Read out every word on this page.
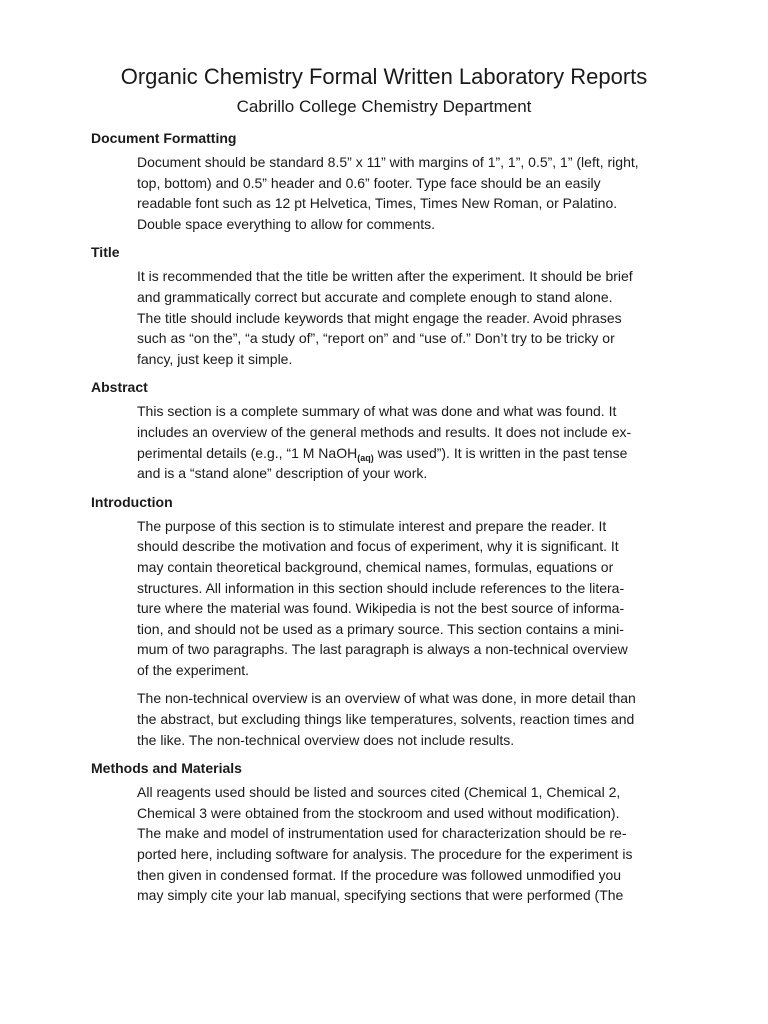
Organic Chemistry Formal Written Laboratory Reports
Cabrillo College Chemistry Department
Document Formatting
Document should be standard 8.5” x 11” with margins of 1”, 1”, 0.5”, 1” (left, right,
top, bottom) and 0.5” header and 0.6” footer. Type face should be an easily
readable font such as 12 pt Helvetica, Times, Times New Roman, or Palatino.
Double space everything to allow for comments.
Title
It is recommended that the title be written after the experiment. It should be brief
and grammatically correct but accurate and complete enough to stand alone.
The title should include keywords that might engage the reader. Avoid phrases
such as “on the”, “a study of”, “report on” and “use of.” Don’t try to be tricky or
fancy, just keep it simple.
Abstract
This section is a complete summary of what was done and what was found. It
includes an overview of the general methods and results. It does not include ex-
perimental details (e.g., “1 M NaOH$_{(aq)}$ was used”). It is written in the past tense
and is a “stand alone” description of your work.
Introduction
The purpose of this section is to stimulate interest and prepare the reader. It
should describe the motivation and focus of experiment, why it is significant. It
may contain theoretical background, chemical names, formulas, equations or
structures. All information in this section should include references to the litera-
ture where the material was found. Wikipedia is not the best source of informa-
tion, and should not be used as a primary source. This section contains a mini-
mum of two paragraphs. The last paragraph is always a non-technical overview
of the experiment.
The non-technical overview is an overview of what was done, in more detail than
the abstract, but excluding things like temperatures, solvents, reaction times and
the like. The non-technical overview does not include results.
Methods and Materials
All reagents used should be listed and sources cited (Chemical 1, Chemical 2,
Chemical 3 were obtained from the stockroom and used without modification).
The make and model of instrumentation used for characterization should be re-
ported here, including software for analysis. The procedure for the experiment is
then given in condensed format. If the procedure was followed unmodified you
may simply cite your lab manual, specifying sections that were performed (The
